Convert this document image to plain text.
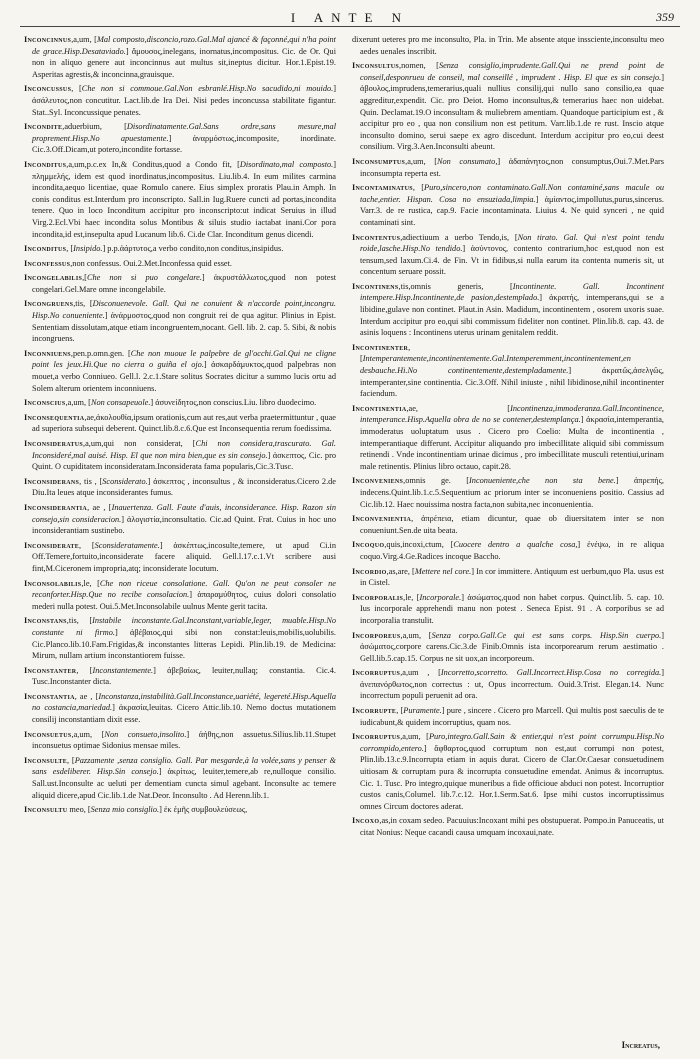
I ANTE N	359

Inconcinnus,a,um, [Mal composto,disconcio,rozo.Gal.Mal ajancé & façonné,qui n'ha point de grace.Hisp.Desataviado.] ἄμουσος,inelegans, inornatus,incompositus. Cic. de Or. Qui non in aliquo genere aut inconcinnus aut multus sit,ineptus dicitur. Hor.1.Epist.19. Asperitas agrestis,& inconcinna,grauisque.

Inconcussus, [Che non si commoue.Gal.Non esbranlé.Hisp.No sacudido,ni mouido.] ἀσάλευτος,non concutitur. Lact.lib.de Ira Dei. Nisi pedes inconcussa stabilitate figantur. Stat..Syl. Inconcussique penates.

Incondite,aduerbium, [Disordinatamente.Gal.Sans ordre,sans mesure,mal proprement.Hisp.No apuestamente.] ἀναρμόστως,incomposite, inordinate. Cic.3.Off.Dicam,ut potero,incondite fortasse.

Inconditus,a,um,p.c.ex In,& Conditus,quod a Condo fit, [Disordinato,mal composto.] πλημμελής, idem est quod inordinatus,incompositus. Liu.lib.4. In eum milites carmina incondita,aequo licentiae, quae Romulo canere. Eius simplex proratis Plau.in Amph. In conis conditus est.Interdum pro inconscripto. Sall.in Iug.Ruere cuncti ad portas,incondita tenere. Quo in loco Inconditum accipitur pro inconscripto:ut indicat Seruius in illud Virg.2.Ecl.Vbi haec incondita solus Montibus & siluis studio iactabat inani.Cor pora incondita,id est,insepulta apud Lucanum lib.6. Ci.de Clar. Inconditum genus dicendi.

Inconditus, [Insipido.] p.p.ἀάρτυτος,a verbo condito,non conditus,insipidus.

Inconfessus,non confessus. Oui.2.Met.Inconfessa quid esset.

Incongelabilis,[Che non si puo congelare.] ἀκρυστάλλωτος,quod non potest congelari.Gel.Mare omne incongelabile.

Incongruens,tis, [Disconuenevole. Gall. Qui ne conuient & n'accorde point,incongru. Hisp.No conueniente.] ἀνάρμοστος,quod non congruit rei de qua agitur. Plinius in Epist. Sententiam dissolutam,atque etiam incongruentem,nocant. Gell. lib. 2. cap. 5. Sibi, & nobis incongruens.

Inconniuens,pen.p.omn.gen. [Che non muoue le palpebre de gl'occhi.Gal.Qui ne cligne point les jeux.Hi.Que no cierra o guiña el ojo.] ἀσκαρδάμυκτος,quod palpebras non mouet,a verbo Conniueo. Gell.l. 2.c.1.Stare solitus Socrates dicitur a summo lucis ortu ad Solem alterum orientem inconniuens.

Inconscius,a,um, [Non consapeuole.] ἀσυνείδητος,non conscius.Liu. libro duodecimo.

Inconsequentia,ae,ἀκολουθία,ipsum orationis,cum aut res,aut verba praetermittuntur , quae ad superiora subsequi deberent. Quinct.lib.8.c.6.Que est Inconsequentia rerum foedissima.

Inconsideratus,a,um,qui non considerat, [Chi non considera,trascurato. Gal. Inconsideré,mal auisé. Hisp. El que non mira bien,que es sin consejo.] ἀσκεπτος, Cic. pro Quint. O cupiditatem inconsideratam.Inconsiderata fama popularis,Cic.3.Tusc.

Inconsiderans, tis , [Sconsiderato.] ἀσκεπτος , inconsultus , & inconsideratus.Cicero 2.de Diu.Ita leues atque inconsiderantes fumus.

Inconsiderantia, ae , [Inauertenza. Gall. Faute d'auis, inconsiderance. Hisp. Razon sin consejo,sin consideracion.] ἀλογιστία,inconsultatio. Cic.ad Quint. Frat. Cuius in hoc uno inconsiderantiam sustinebo.

Inconsiderate, [Sconsideratamente.] ἀσκέπτως,incosulte,temere, ut apud Ci.in Off.Temere,fortuito,inconsiderate facere aliquid. Gell.l.17.c.1.Vt scribere ausi fint,M.Ciceronem impropria,atq; inconsiderate locutum.

Inconsolabilis,le, [Che non riceue consolatione. Gall. Qu'on ne peut consoler ne reconforter.Hisp.Que no recibe consolacion.] ἀπαραμύθητος, cuius dolori consolatio mederi nulla potest. Oui.5.Met.Inconsolabile uulnus Mente gerit tacita.

Inconstans,tis, [Instabile inconstante.Gal.Inconstant,variable,leger, muable.Hisp.No constante ni firmo.] ἀβέβαιος,qui sibi non constat:leuis,mobilis,uolubilis. Cic.Planco.lib.10.Fam.Frigidas,& inconstantes litteras Lepidi. Plin.lib.19. de Medicina: Mirum, nullam artium inconstantiorem fuisse.

Inconstanter, [Inconstantemente.] ἀβεβαίως, leuiter,nullaq; constantia. Cic.4. Tusc.Inconstanter dicta.

Inconstantia, ae , [Inconstanza,instabilità.Gall.Inconstance,uariété, legereté.Hisp.Aquella no costancia,mariedad.] ἀκρασία,leuitas. Cicero Attic.lib.10. Nemo doctus mutationem consilij inconstantiam dixit esse.

Inconsuetus,a,um, [Non consueto,insolito.] ἀήθης,non assuetus.Silius.lib.11.Stupet inconsuetus optimae Sidonius mensae miles.

Inconsulte, [Pazzamente ,senza consiglio. Gall. Par mesgarde,à la volée,sans y penser & sans esdeliberer. Hisp.Sin consejo.] ἀκρίτως, leuiter,temere,ab re,nulloque consilio. Sall.ust.Inconsulte ac ueluti per dementiam cuncta simul agebant. Inconsulte ac temere aliquid dicere,apud Cic.lib.1.de Nat.Deor. Inconsulto . Ad Herenn.lib.1.

Inconsultu meo, [Senza mio consiglio.] ἐκ ἐμῆς συμβουλεύσεως,

dixerunt ueteres pro me inconsulto, Pla. in Trin. Me absente atque inssciente,inconsultu meo aedes uenales inscribit.

Inconsultus,nomen, [Senza consiglio,imprudente.Gall.Qui ne prend point de conseil,desponrueu de conseil, mal conseillé , imprudent . Hisp. El que es sin consejo.] ἀβουλος,imprudens,temerarius,quali nullius consilij,qui nullo sano consilio,ea quae aggreditur,expendit. Cic. pro Deiot. Homo inconsultus,& temerarius haec non uidebat. Quin. Declamat.19.O inconsultam & muliebrem amentiam. Quandoque participium est , & accipitur pro eo , qua non consilium non est petitum. Varr.lib.1.de re rust. Inscio atque inconsulto domino, serui saepe ex agro discedunt. Interdum accipitur pro eo,cui deest consilium. Virg.3.Aen.Inconsulti abeunt.

Inconsumptus,a,um, [Non consumato,] ἀδαπάνητος,non consumptus,Oui.7.Met.Pars inconsumpta reperta est.

Incontaminatus, [Puro,sincero,non contaminato.Gall.Non contaminé,sans macule ou tache,entier. Hispan. Cosa no ensuziada,limpia.] ἀμίαντος,impollutus,purus,sincerus. Varr.3. de re rustica, cap.9. Facie incontaminata. Liuius 4. Ne quid synceri , ne quid contaminati sint.

Incontentus,adiectiuum a uerbo Tendo,is, [Non tirato. Gal. Qui n'est point tendu roide,lasche.Hisp.No tendido.] ἀσύντονος, contento contrarium,hoc est,quod non est tensum,sed laxum.Ci.4. de Fin. Vt in fidibus,si nulla earum ita contenta numeris sit, ut concentum seruare possit.

Incontinens,tis,omnis generis, [Incontinente. Gall. Incontinent intempere.Hisp.Incontinente,de pasion,destemplado.] ἀκρατής, intemperans,qui se a libidine,gulave non continet. Plaut.in Asin. Madidum, incontinentem , osorem uxoris suae. Interdum accipitur pro eo,qui sibi commissum fideliter non continet. Plin.lib.8. cap. 43. de asinis loquens : Incontinens uterus urinam genitalem reddit.

Incontinenter, [Intemperantemente,incontinentemente.Gal.Intemperemment,incontinentement,en desbauche.Hi.No continentemente,destempladamente.] ἀκρατῶς,ἀσελγῶς, intemperanter,sine continentia. Cic.3.Off. Nihil iniuste , nihil libidinose,nihil incontinenter faciendum.

Incontinentia,ae, [Incontinenza,immoderanza.Gall.Incontinence, intemperance.Hisp.Aquella obra de no se contener,destemplança.] ἀκρασία,intemperantia, immoderatus uoluptatum usus . Cicero pro Coelio: Multa de incontinentia , intemperantiaque differunt. Accipitur aliquando pro imbecillitate aliquid sibi commissum retinendi . Vnde incontinentiam urinae dicimus , pro imbecillitate musculi retentiui,urinam male retinentis. Plinius libro octauo, capit.28.

Inconveniens,omnis ge. [Inconueniente,che non sta bene.] ἀπρεπής, indecens.Quint.lib.1.c.5.Sequentium ac priorum inter se inconueniens positio. Cassius ad Cic.lib.12. Haec nouissima nostra facta,non subita,nec inconuenientia.

Inconvenientia, ἀπρέπεια, etiam dicuntur, quae ob diuersitatem inter se non conueniunt.Sen.de uita beata.

Incoquo,quis,incoxi,ctum, [Cuocere dentro a qualche cosa,] ἐνέψω, in re aliqua coquo.Virg.4.Ge.Radices incoque Baccho.

Incordio,as,are, [Mettere nel core.] In cor immittere. Antiquum est uerbum,quo Pla. usus est in Cistel.

Incorporalis,le, [Incorporale.] ἀσώματος,quod non habet corpus. Quinct.lib. 5. cap. 10. Ius incorporale apprehendi manu non potest . Seneca Epist. 91 . A corporibus se ad incorporalia transtulit.

Incorporeus,a,um, [Senza corpo.Gall.Ce qui est sans corps. Hisp.Sin cuerpo.] ἀσώματος,corpore carens.Cic.3.de Finib.Omnis ista incorporearum rerum aestimatio . Gell.lib.5.cap.15. Corpus ne sit uox,an incorporeum.

Incorruptus,a,um , [Incorretto,scorretto. Gall.Incorrect.Hisp.Cosa no corregida.] ἀνεπανόρθωτος,non correctus : ut, Opus incorrectum. Ouid.3.Trist. Elegan.14. Nunc incorrectum populi peruenit ad ora.

Incorrupte, [Puramente.] pure , sincere . Cicero pro Marcell. Qui multis post saeculis de te iudicabunt,& quidem incorruptius, quam nos.

Incorruptus,a,um, [Puro,integro.Gall.Sain & entier,qui n'est point corrumpu.Hisp.No corrompido,entero.] ἄφθαρτος,quod corruptum non est,aut corrumpi non potest, Plin.lib.13.c.9.Incorrupta etiam in aquis durat. Cicero de Clar.Or.Caesar consuetudinem uitiosam & corruptam pura & incorrupta consuetudine emendat. Animus & incorruptus. Cic. 1. Tusc. Pro integro,quique muneribus a fide officioue abduci non potest. Incorruptior custos canis,Columel. lib.7.c.12. Hor.1.Serm.Sat.6. Ipse mihi custos incorruptissimus omnes Circum doctores aderat.

Incoxo,as,in coxam sedeo. Pacuuius:Incoxant mihi pes obstupuerat. Pompo.in Panuceatis, ut citat Nonius: Neque cacandi causa umquam incoxaui,nate.

Increatus,
